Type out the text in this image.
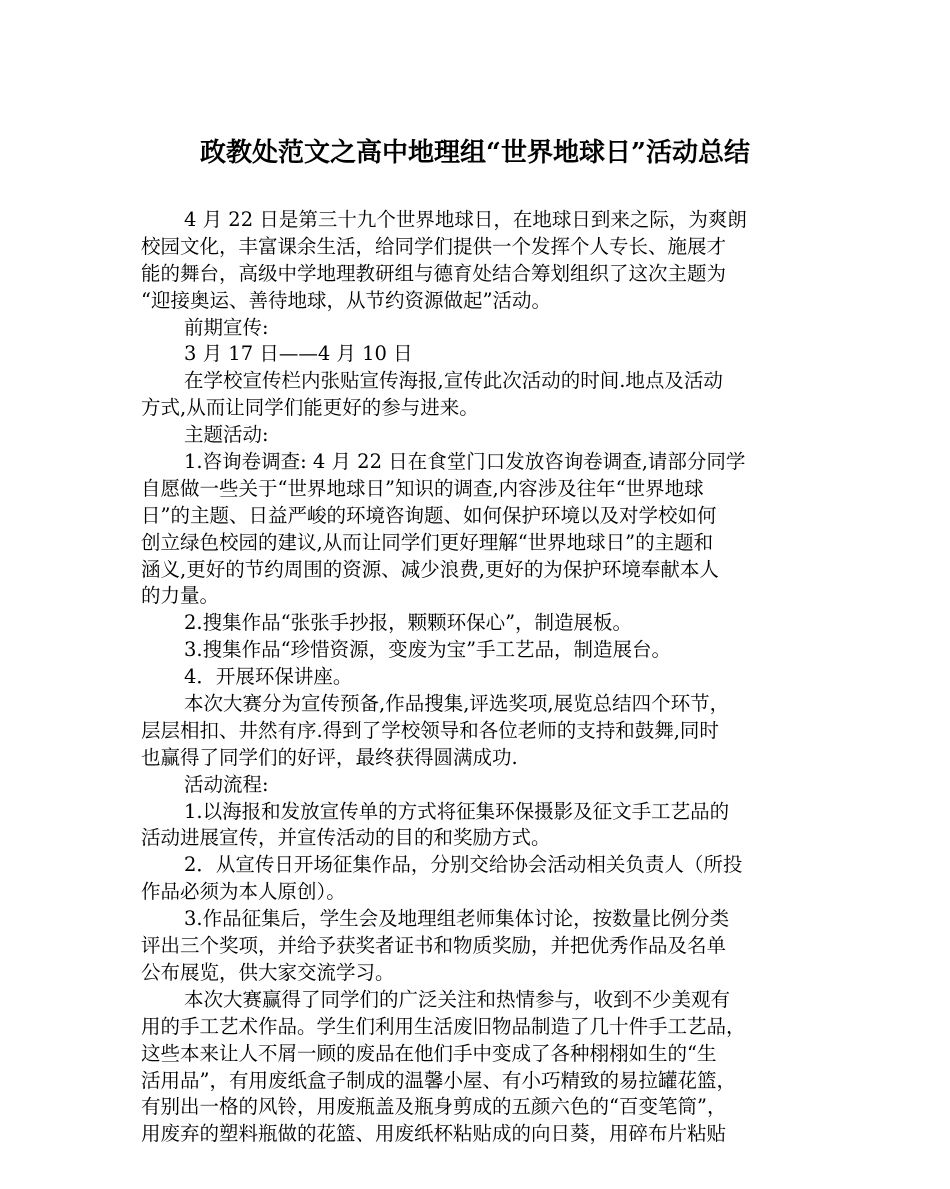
政教处范文之高中地理组“世界地球日”活动总结
4 月 22 日是第三十九个世界地球日，在地球日到来之际，为爽朗
校园文化，丰富课余生活，给同学们提供一个发挥个人专长、施展才
能的舞台，高级中学地理教研组与德育处结合筹划组织了这次主题为
“迎接奥运、善待地球，从节约资源做起”活动。
前期宣传:
3 月 17 日——4 月 10 日
在学校宣传栏内张贴宣传海报,宣传此次活动的时间.地点及活动
方式,从而让同学们能更好的参与进来。
主题活动:
1.咨询卷调查: 4 月 22 日在食堂门口发放咨询卷调查,请部分同学
自愿做一些关于“世界地球日”知识的调查,内容涉及往年“世界地球
日”的主题、日益严峻的环境咨询题、如何保护环境以及对学校如何
创立绿色校园的建议,从而让同学们更好理解“世界地球日”的主题和
涵义,更好的节约周围的资源、减少浪费,更好的为保护环境奉献本人
的力量。
2.搜集作品“张张手抄报，颗颗环保心”，制造展板。
3.搜集作品“珍惜资源，变废为宝”手工艺品，制造展台。
4．开展环保讲座。
本次大赛分为宣传预备,作品搜集,评选奖项,展览总结四个环节，
层层相扣、井然有序.得到了学校领导和各位老师的支持和鼓舞,同时
也赢得了同学们的好评，最终获得圆满成功.
活动流程:
1.以海报和发放宣传单的方式将征集环保摄影及征文手工艺品的
活动进展宣传，并宣传活动的目的和奖励方式。
2．从宣传日开场征集作品，分别交给协会活动相关负责人（所投
作品必须为本人原创）。
3.作品征集后，学生会及地理组老师集体讨论，按数量比例分类
评出三个奖项，并给予获奖者证书和物质奖励，并把优秀作品及名单
公布展览，供大家交流学习。
本次大赛赢得了同学们的广泛关注和热情参与，收到不少美观有
用的手工艺术作品。学生们利用生活废旧物品制造了几十件手工艺品，
这些本来让人不屑一顾的废品在他们手中变成了各种栩栩如生的“生
活用品”，有用废纸盒子制成的温馨小屋、有小巧精致的易拉罐花篮，
有别出一格的风铃，用废瓶盖及瓶身剪成的五颜六色的“百变笔筒”，
用废弃的塑料瓶做的花篮、用废纸杯粘贴成的向日葵，用碎布片粘贴
